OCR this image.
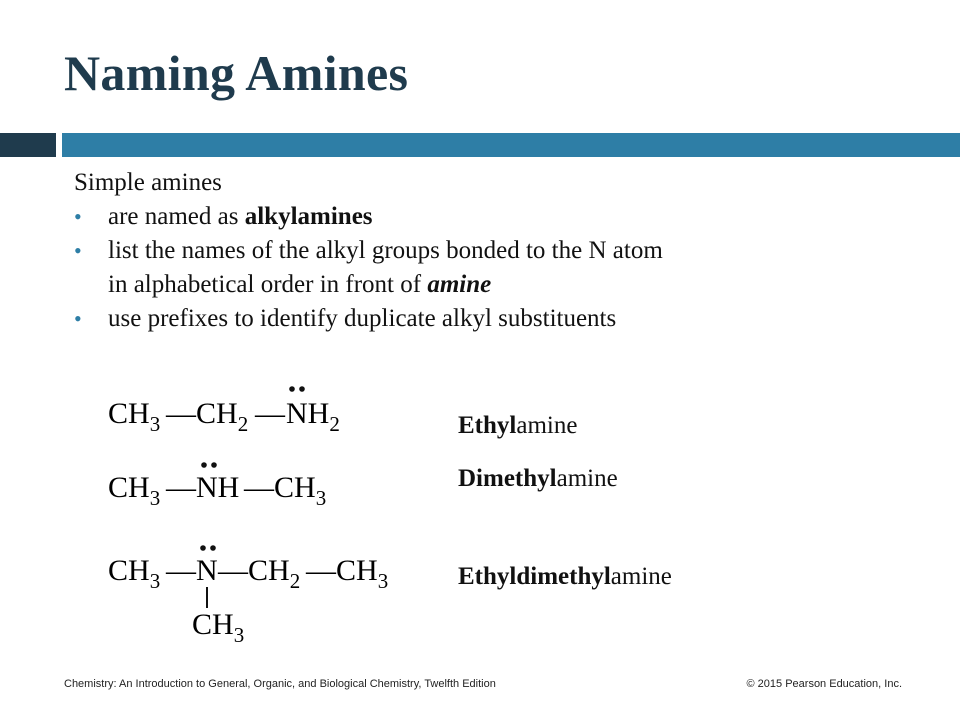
Naming Amines

Simple amines

• are named as alkylamines
• list the names of the alkyl groups bonded to the N atom
in alphabetical order in front of amine
• use prefixes to identify duplicate alkyl substituents
$CH_3$ — $CH_2$ — $NH_2$
$CH_3$ — NH — $CH_3$
$CH_3$ — N — $CH_2$ — $CH_3$
$CH_3$
Ethylamine
Dimethylamine
Ethyldimethylamine
Chemistry: An Introduction to General, Organic, and Biological Chemistry, Twelfth Edition	© 2015 Pearson Education, Inc.
